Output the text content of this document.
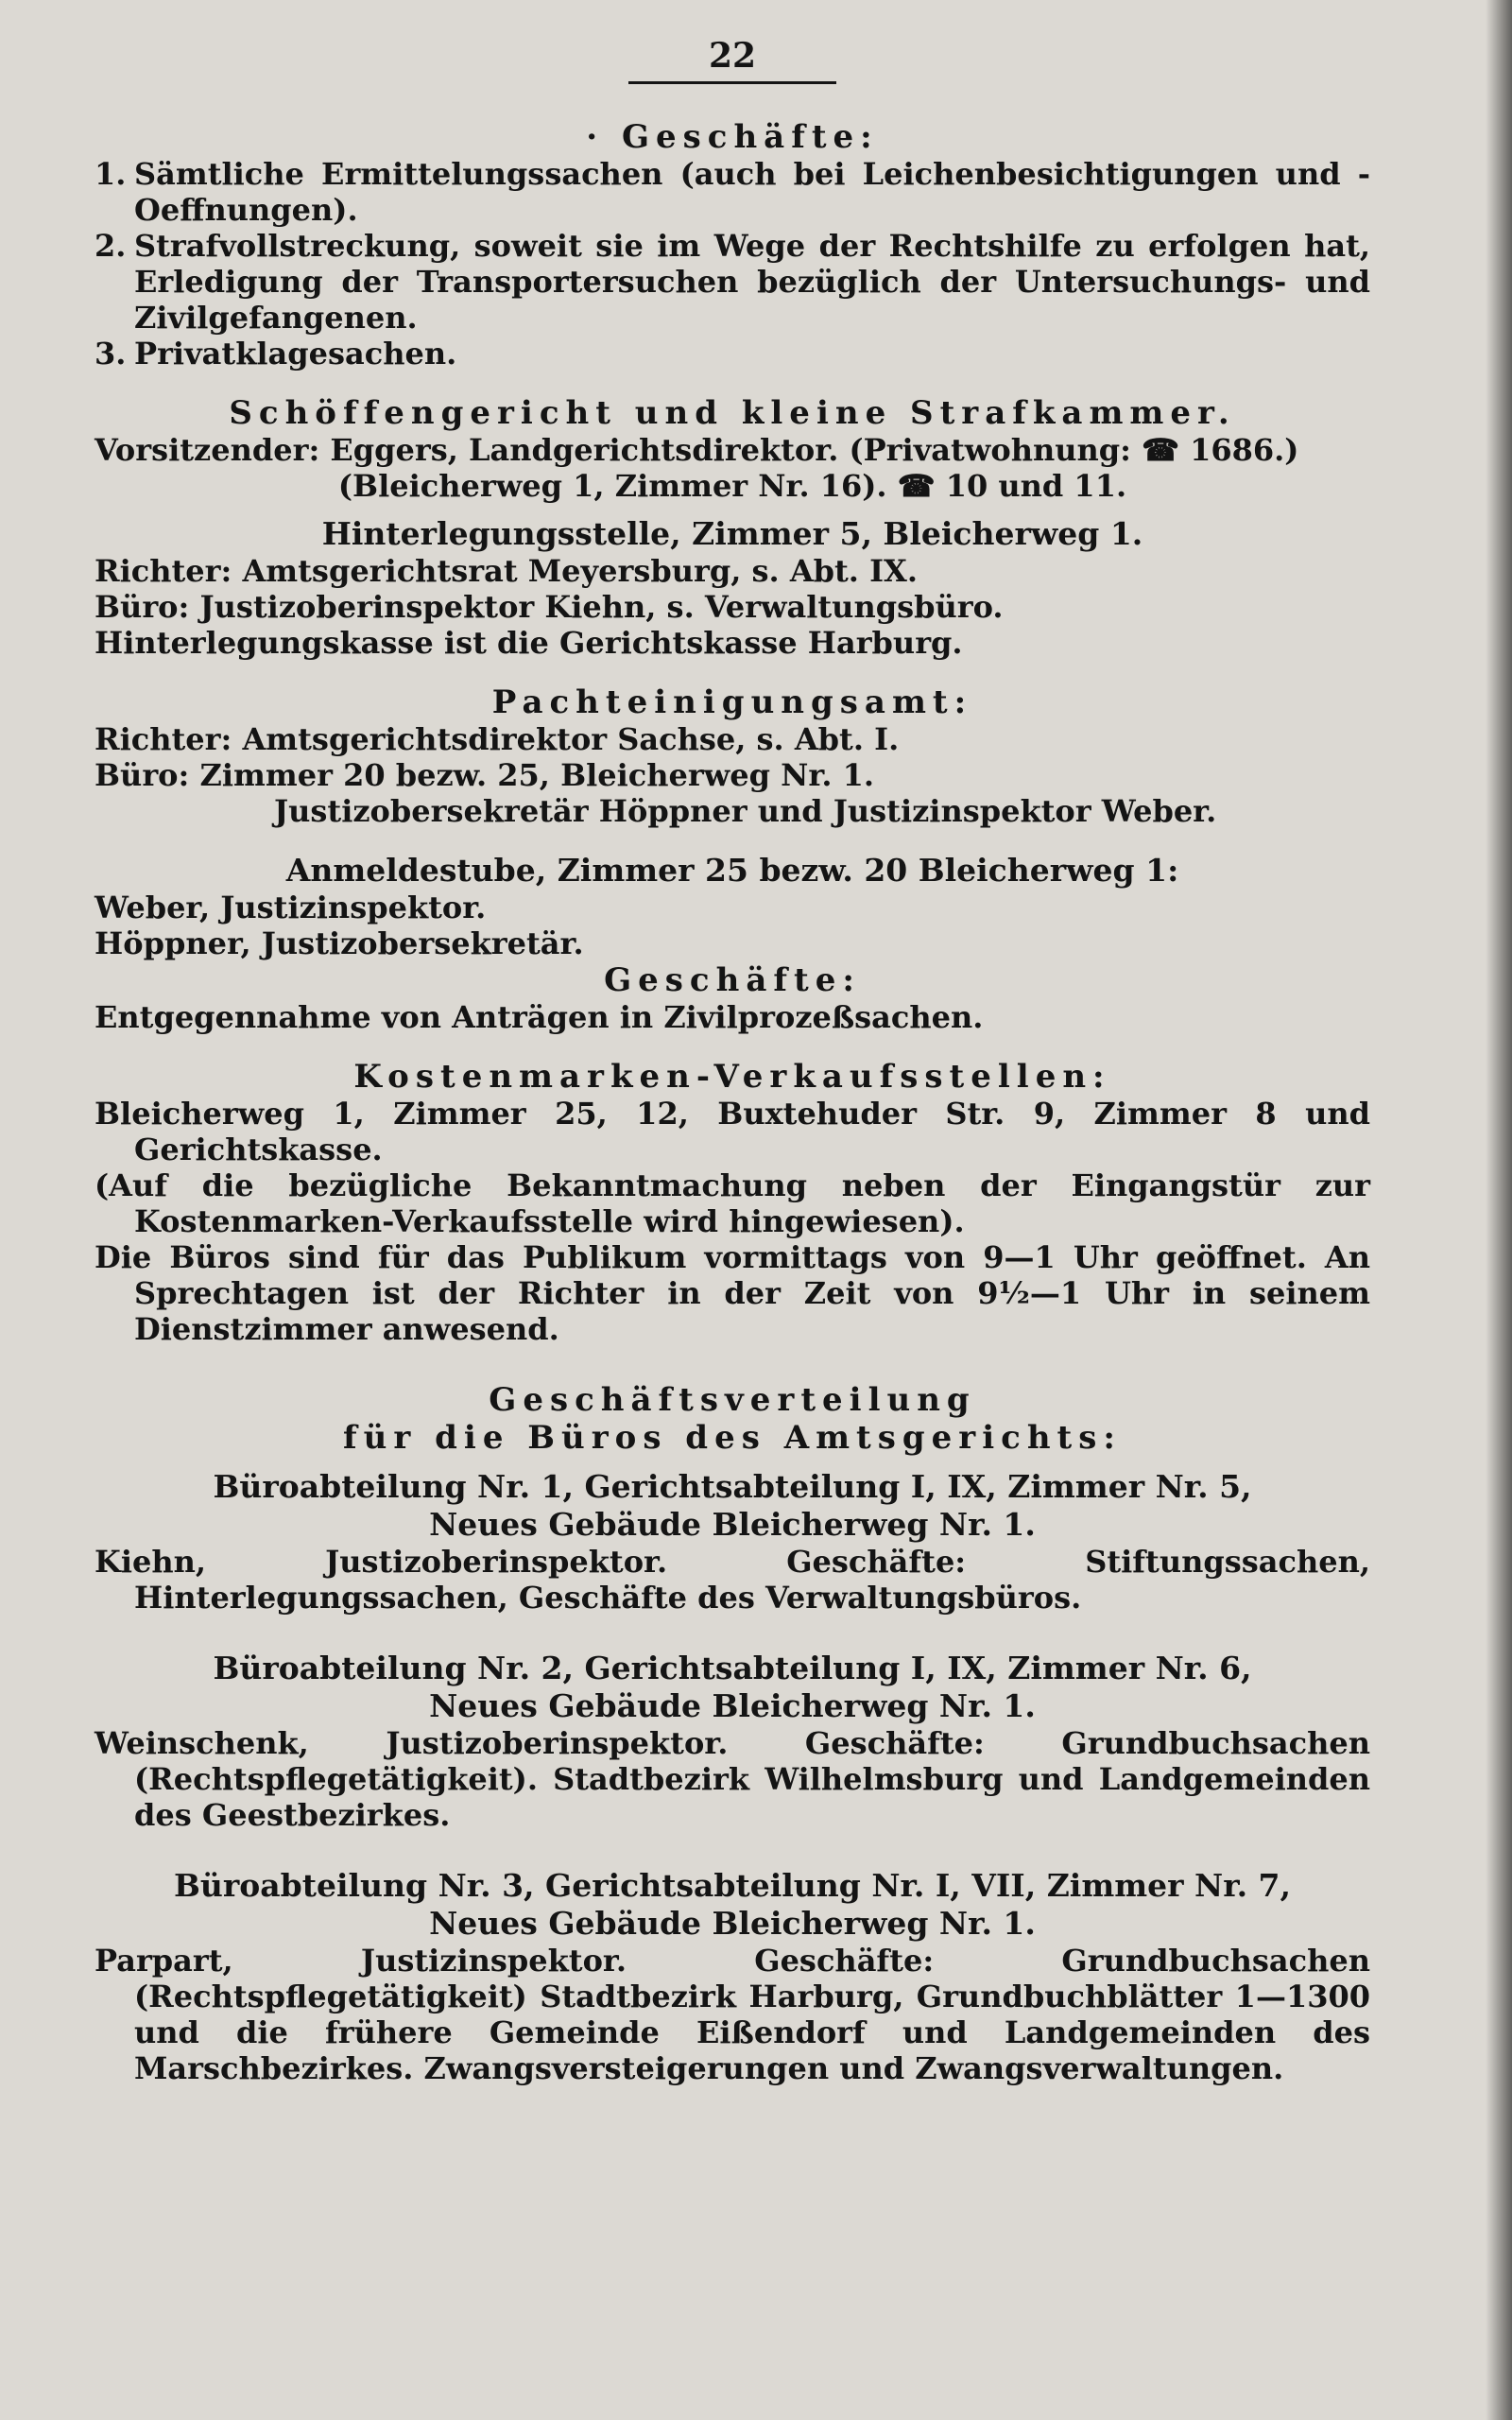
22

· Geschäfte:

1. Sämtliche Ermittelungssachen (auch bei Leichenbesichtigungen und -Oeffnungen).
2. Strafvollstreckung, soweit sie im Wege der Rechtshilfe zu erfolgen hat, Erledigung der Transportersuchen bezüglich der Untersuchungs- und Zivilgefangenen.
3. Privatklagesachen.

Schöffengericht und kleine Strafkammer.

Vorsitzender: Eggers, Landgerichtsdirektor. (Privatwohnung: ☎ 1686.)

(Bleicherweg 1, Zimmer Nr. 16). ☎ 10 und 11.

Hinterlegungsstelle, Zimmer 5, Bleicherweg 1.

Richter: Amtsgerichtsrat Meyersburg, s. Abt. IX.

Büro: Justizoberinspektor Kiehn, s. Verwaltungsbüro.

Hinterlegungskasse ist die Gerichtskasse Harburg.

Pachteinigungsamt:

Richter: Amtsgerichtsdirektor Sachse, s. Abt. I.

Büro: Zimmer 20 bezw. 25, Bleicherweg Nr. 1.

Justizobersekretär Höppner und Justizinspektor Weber.

Anmeldestube, Zimmer 25 bezw. 20 Bleicherweg 1:

Weber, Justizinspektor.

Höppner, Justizobersekretär.

Geschäfte:

Entgegennahme von Anträgen in Zivilprozeßsachen.

Kostenmarken-Verkaufsstellen:

Bleicherweg 1, Zimmer 25, 12, Buxtehuder Str. 9, Zimmer 8 und Gerichtskasse.

(Auf die bezügliche Bekanntmachung neben der Eingangstür zur Kostenmarken-Verkaufsstelle wird hingewiesen).

Die Büros sind für das Publikum vormittags von 9—1 Uhr geöffnet. An Sprechtagen ist der Richter in der Zeit von 9½—1 Uhr in seinem Dienstzimmer anwesend.

Geschäftsverteilung

für die Büros des Amtsgerichts:

Büroabteilung Nr. 1, Gerichtsabteilung I, IX, Zimmer Nr. 5,

Neues Gebäude Bleicherweg Nr. 1.

Kiehn, Justizoberinspektor. Geschäfte: Stiftungssachen, Hinterlegungssachen, Geschäfte des Verwaltungsbüros.

Büroabteilung Nr. 2, Gerichtsabteilung I, IX, Zimmer Nr. 6,

Neues Gebäude Bleicherweg Nr. 1.

Weinschenk, Justizoberinspektor. Geschäfte: Grundbuchsachen (Rechtspflegetätigkeit). Stadtbezirk Wilhelmsburg und Landgemeinden des Geestbezirkes.

Büroabteilung Nr. 3, Gerichtsabteilung Nr. I, VII, Zimmer Nr. 7,

Neues Gebäude Bleicherweg Nr. 1.

Parpart, Justizinspektor. Geschäfte: Grundbuchsachen (Rechtspflegetätigkeit) Stadtbezirk Harburg, Grundbuchblätter 1—1300 und die frühere Gemeinde Eißendorf und Landgemeinden des Marschbezirkes. Zwangsversteigerungen und Zwangsverwaltungen.
